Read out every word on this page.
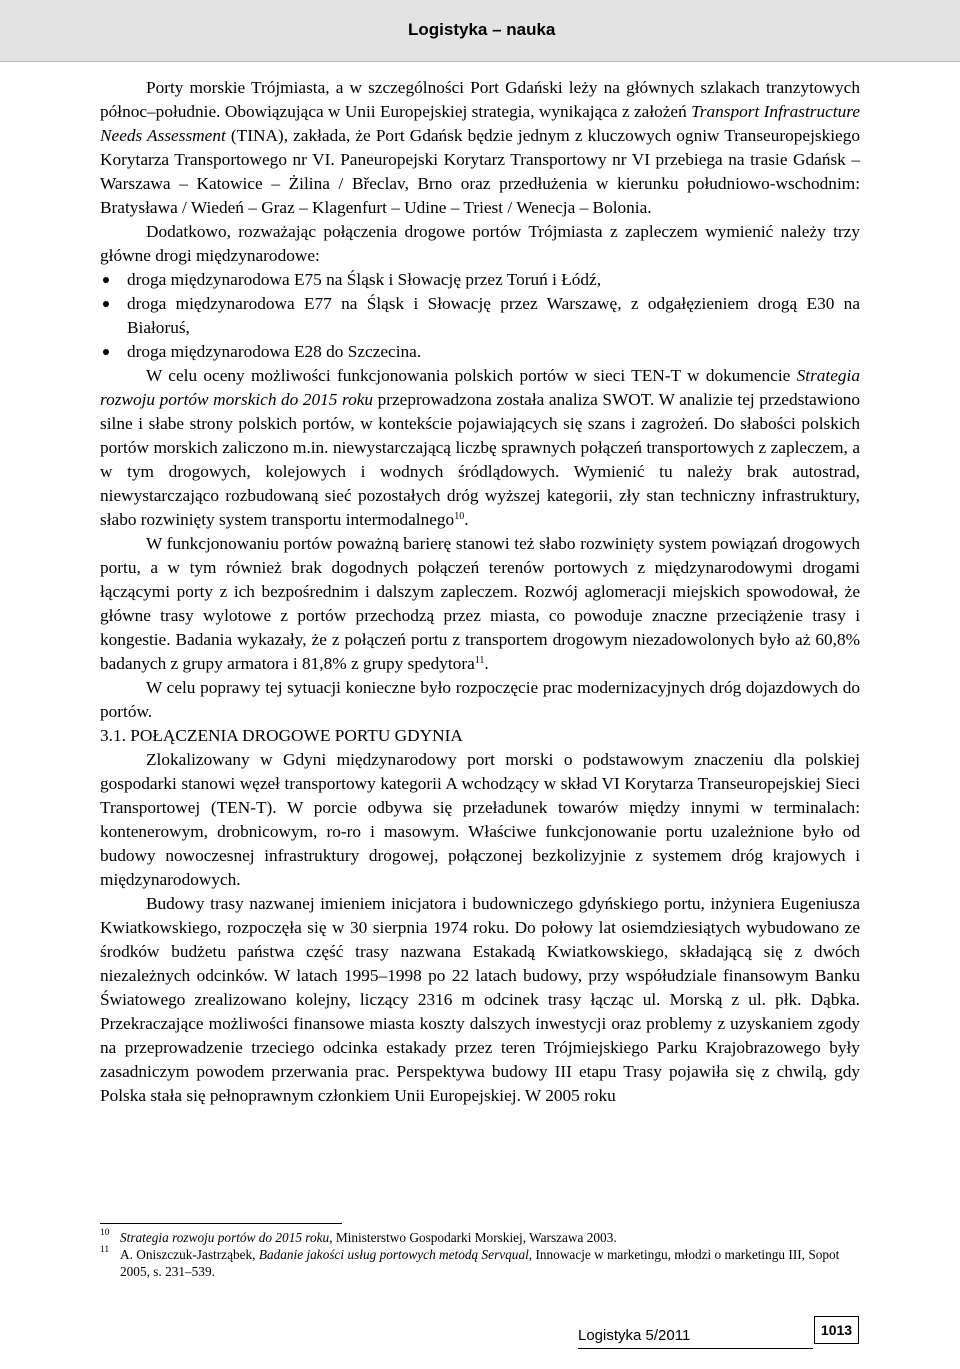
Logistyka – nauka

Porty morskie Trójmiasta, a w szczególności Port Gdański leży na głównych szlakach tranzytowych północ–południe. Obowiązująca w Unii Europejskiej strategia, wynikająca z założeń Transport Infrastructure Needs Assessment (TINA), zakłada, że Port Gdańsk będzie jednym z kluczowych ogniw Transeuropejskiego Korytarza Transportowego nr VI. Paneuropejski Korytarz Transportowy nr VI przebiega na trasie Gdańsk – Warszawa – Katowice – Żilina / Břeclav, Brno oraz przedłużenia w kierunku południowo-wschodnim: Bratysława / Wiedeń – Graz – Klagenfurt – Udine – Triest / Wenecja – Bolonia.

Dodatkowo, rozważając połączenia drogowe portów Trójmiasta z zapleczem wymienić należy trzy główne drogi międzynarodowe:

droga międzynarodowa E75 na Śląsk i Słowację przez Toruń i Łódź,
droga międzynarodowa E77 na Śląsk i Słowację przez Warszawę, z odgałęzieniem drogą E30 na Białoruś,
droga międzynarodowa E28 do Szczecina.

W celu oceny możliwości funkcjonowania polskich portów w sieci TEN-T w dokumencie Strategia rozwoju portów morskich do 2015 roku przeprowadzona została analiza SWOT. W analizie tej przedstawiono silne i słabe strony polskich portów, w kontekście pojawiających się szans i zagrożeń. Do słabości polskich portów morskich zaliczono m.in. niewystarczającą liczbę sprawnych połączeń transportowych z zapleczem, a w tym drogowych, kolejowych i wodnych śródlądowych. Wymienić tu należy brak autostrad, niewystarczająco rozbudowaną sieć pozostałych dróg wyższej kategorii, zły stan techniczny infrastruktury, słabo rozwinięty system transportu intermodalnego$^{10}$.

W funkcjonowaniu portów poważną barierę stanowi też słabo rozwinięty system powiązań drogowych portu, a w tym również brak dogodnych połączeń terenów portowych z międzynarodowymi drogami łączącymi porty z ich bezpośrednim i dalszym zapleczem. Rozwój aglomeracji miejskich spowodował, że główne trasy wylotowe z portów przechodzą przez miasta, co powoduje znaczne przeciążenie trasy i kongestie. Badania wykazały, że z połączeń portu z transportem drogowym niezadowolonych było aż 60,8% badanych z grupy armatora i 81,8% z grupy spedytora$^{11}$.

W celu poprawy tej sytuacji konieczne było rozpoczęcie prac modernizacyjnych dróg dojazdowych do portów.

3.1. POŁĄCZENIA DROGOWE PORTU GDYNIA

Zlokalizowany w Gdyni międzynarodowy port morski o podstawowym znaczeniu dla polskiej gospodarki stanowi węzeł transportowy kategorii A wchodzący w skład VI Korytarza Transeuropejskiej Sieci Transportowej (TEN-T). W porcie odbywa się przeładunek towarów między innymi w terminalach: kontenerowym, drobnicowym, ro-ro i masowym. Właściwe funkcjonowanie portu uzależnione było od budowy nowoczesnej infrastruktury drogowej, połączonej bezkolizyjnie z systemem dróg krajowych i międzynarodowych.

Budowy trasy nazwanej imieniem inicjatora i budowniczego gdyńskiego portu, inżyniera Eugeniusza Kwiatkowskiego, rozpoczęła się w 30 sierpnia 1974 roku. Do połowy lat osiemdziesiątych wybudowano ze środków budżetu państwa część trasy nazwana Estakadą Kwiatkowskiego, składającą się z dwóch niezależnych odcinków. W latach 1995–1998 po 22 latach budowy, przy współudziale finansowym Banku Światowego zrealizowano kolejny, liczący 2316 m odcinek trasy łącząc ul. Morską z ul. płk. Dąbka. Przekraczające możliwości finansowe miasta koszty dalszych inwestycji oraz problemy z uzyskaniem zgody na przeprowadzenie trzeciego odcinka estakady przez teren Trójmiejskiego Parku Krajobrazowego były zasadniczym powodem przerwania prac. Perspektywa budowy III etapu Trasy pojawiła się z chwilą, gdy Polska stała się pełnoprawnym członkiem Unii Europejskiej. W 2005 roku

10 Strategia rozwoju portów do 2015 roku, Ministerstwo Gospodarki Morskiej, Warszawa 2003.
11 A. Oniszczuk-Jastrząbek, Badanie jakości usług portowych metodą Servqual, Innowacje w marketingu, młodzi o marketingu III, Sopot 2005, s. 231–539.
Logistyka 5/2011	1013
